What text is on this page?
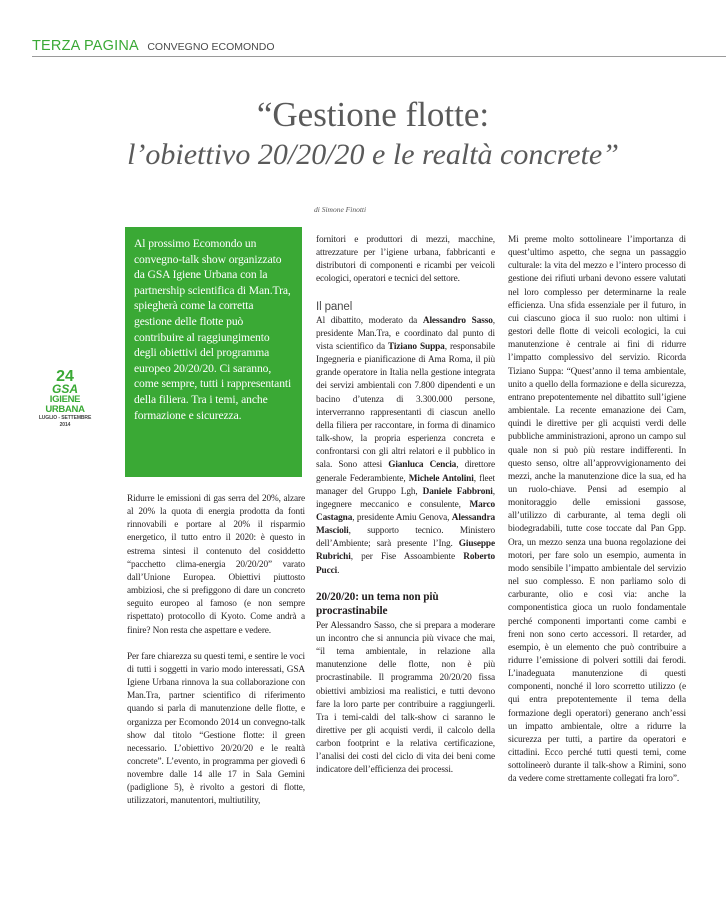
TERZA PAGINA CONVEGNO ECOMONDO
“Gestione flotte:
l’obiettivo 20/20/20 e le realtà concrete”
di Simone Finotti
Al prossimo Ecomondo un convegno-talk show organizzato da GSA Igiene Urbana con la partnership scientifica di Man.Tra, spiegherà come la corretta gestione delle flotte può contribuire al raggiungimento degli obiettivi del programma europeo 20/20/20. Ci saranno, come sempre, tutti i rappresentanti della filiera. Tra i temi, anche formazione e sicurezza.
24
GSA
IGIENE URBANA
LUGLIO - SETTEMBRE 2014

Ridurre le emissioni di gas serra del 20%, alzare al 20% la quota di energia prodotta da fonti rinnovabili e portare al 20% il risparmio energetico, il tutto entro il 2020: è questo in estrema sintesi il contenuto del cosiddetto “pacchetto clima-energia 20/20/20” varato dall’Unione Europea. Obiettivi piuttosto ambiziosi, che si prefiggono di dare un concreto seguito europeo al famoso (e non sempre rispettato) protocollo di Kyoto. Come andrà a finire? Non resta che aspettare e vedere.

Per fare chiarezza su questi temi, e sentire le voci di tutti i soggetti in vario modo interessati, GSA Igiene Urbana rinnova la sua collaborazione con Man.Tra, partner scientifico di riferimento quando si parla di manutenzione delle flotte, e organizza per Ecomondo 2014 un convegno-talk show dal titolo “Gestione flotte: il green necessario. L’obiettivo 20/20/20 e le realtà concrete”. L’evento, in programma per giovedì 6 novembre dalle 14 alle 17 in Sala Gemini (padiglione 5), è rivolto a gestori di flotte, utilizzatori, manutentori, multiutility,

fornitori e produttori di mezzi, macchine, attrezzature per l’igiene urbana, fabbricanti e distributori di componenti e ricambi per veicoli ecologici, operatori e tecnici del settore.

Il panel

Al dibattito, moderato da Alessandro Sasso, presidente Man.Tra, e coordinato dal punto di vista scientifico da Tiziano Suppa, responsabile Ingegneria e pianificazione di Ama Roma, il più grande operatore in Italia nella gestione integrata dei servizi ambientali con 7.800 dipendenti e un bacino d’utenza di 3.300.000 persone, interverranno rappresentanti di ciascun anello della filiera per raccontare, in forma di dinamico talk-show, la propria esperienza concreta e confrontarsi con gli altri relatori e il pubblico in sala. Sono attesi Gianluca Cencia, direttore generale Federambiente, Michele Antolini, fleet manager del Gruppo Lgh, Daniele Fabbroni, ingegnere meccanico e consulente, Marco Castagna, presidente Amiu Genova, Alessandra Mascioli, supporto tecnico. Ministero dell’Ambiente; sarà presente l’Ing. Giuseppe Rubrichi, per Fise Assoambiente Roberto Pucci.

20/20/20: un tema non più procrastinabile

Per Alessandro Sasso, che si prepara a moderare un incontro che si annuncia più vivace che mai, “il tema ambientale, in relazione alla manutenzione delle flotte, non è più procrastinabile. Il programma 20/20/20 fissa obiettivi ambiziosi ma realistici, e tutti devono fare la loro parte per contribuire a raggiungerli. Tra i temi-caldi del talk-show ci saranno le direttive per gli acquisti verdi, il calcolo della carbon footprint e la relativa certificazione, l’analisi dei costi del ciclo di vita dei beni come indicatore dell’efficienza dei processi.

Mi preme molto sottolineare l’importanza di quest’ultimo aspetto, che segna un passaggio culturale: la vita del mezzo e l’intero processo di gestione dei rifiuti urbani devono essere valutati nel loro complesso per determinarne la reale efficienza. Una sfida essenziale per il futuro, in cui ciascuno gioca il suo ruolo: non ultimi i gestori delle flotte di veicoli ecologici, la cui manutenzione è centrale ai fini di ridurre l’impatto complessivo del servizio. Ricorda Tiziano Suppa: “Quest’anno il tema ambientale, unito a quello della formazione e della sicurezza, entrano prepotentemente nel dibattito sull’igiene ambientale. La recente emanazione dei Cam, quindi le direttive per gli acquisti verdi delle pubbliche amministrazioni, aprono un campo sul quale non si può più restare indifferenti. In questo senso, oltre all’approvvigionamento dei mezzi, anche la manutenzione dice la sua, ed ha un ruolo-chiave. Pensi ad esempio al monitoraggio delle emissioni gassose, all’utilizzo di carburante, al tema degli oli biodegradabili, tutte cose toccate dal Pan Gpp. Ora, un mezzo senza una buona regolazione dei motori, per fare solo un esempio, aumenta in modo sensibile l’impatto ambientale del servizio nel suo complesso. E non parliamo solo di carburante, olio e così via: anche la componentistica gioca un ruolo fondamentale perché componenti importanti come cambi e freni non sono certo accessori. Il retarder, ad esempio, è un elemento che può contribuire a ridurre l’emissione di polveri sottili dai ferodi. L’inadeguata manutenzione di questi componenti, nonché il loro scorretto utilizzo (e qui entra prepotentemente il tema della formazione degli operatori) generano anch’essi un impatto ambientale, oltre a ridurre la sicurezza per tutti, a partire da operatori e cittadini. Ecco perché tutti questi temi, come sottolineerò durante il talk-show a Rimini, sono da vedere come strettamente collegati fra loro”.
